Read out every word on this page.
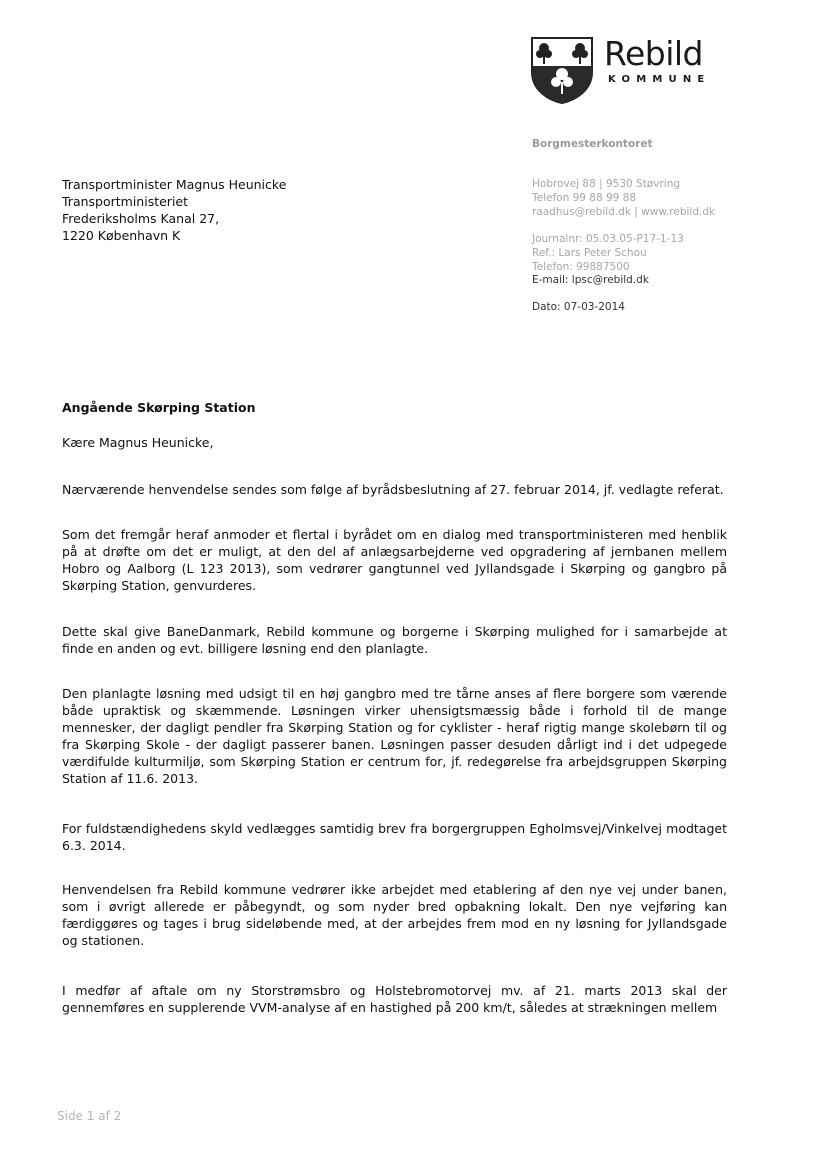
Rebild
KOMMUNE
Borgmesterkontoret
Hobrovej 88 | 9530 Støvring
Telefon 99 88 99 88
raadhus@rebild.dk | www.rebild.dk
Journalnr: 05.03.05-P17-1-13
Ref.: Lars Peter Schou
Telefon: 99887500
E-mail: lpsc@rebild.dk
Dato: 07-03-2014
Transportminister Magnus Heunicke
Transportministeriet
Frederiksholms Kanal 27,
1220 København K
Angående Skørping Station
Kære Magnus Heunicke,
Nærværende henvendelse sendes som følge af byrådsbeslutning af 27. februar 2014, jf. vedlagte referat.
Som det fremgår heraf anmoder et flertal i byrådet om en dialog med transportministeren med henblik på at drøfte om det er muligt, at den del af anlægsarbejderne ved opgradering af jernbanen mellem Hobro og Aalborg (L 123 2013), som vedrører gangtunnel ved Jyllandsgade i Skørping og gangbro på Skørping Station, genvurderes.
Dette skal give BaneDanmark, Rebild kommune og borgerne i Skørping mulighed for i samarbejde at finde en anden og evt. billigere løsning end den planlagte.
Den planlagte løsning med udsigt til en høj gangbro med tre tårne anses af flere borgere som værende både upraktisk og skæmmende. Løsningen virker uhensigtsmæssig både i forhold til de mange mennesker, der dagligt pendler fra Skørping Station og for cyklister - heraf rigtig mange skolebørn til og fra Skørping Skole - der dagligt passerer banen. Løsningen passer desuden dårligt ind i det udpegede værdifulde kulturmiljø, som Skørping Station er centrum for, jf. redegørelse fra arbejdsgruppen Skørping Station af 11.6. 2013.
For fuldstændighedens skyld vedlægges samtidig brev fra borgergruppen Egholmsvej/Vinkelvej modtaget 6.3. 2014.
Henvendelsen fra Rebild kommune vedrører ikke arbejdet med etablering af den nye vej under banen, som i øvrigt allerede er påbegyndt, og som nyder bred opbakning lokalt. Den nye vejføring kan færdiggøres og tages i brug sideløbende med, at der arbejdes frem mod en ny løsning for Jyllandsgade og stationen.
I medfør af aftale om ny Storstrømsbro og Holstebromotorvej mv. af 21. marts 2013 skal der gennemføres en supplerende VVM-analyse af en hastighed på 200 km/t, således at strækningen mellem
Side 1 af 2
